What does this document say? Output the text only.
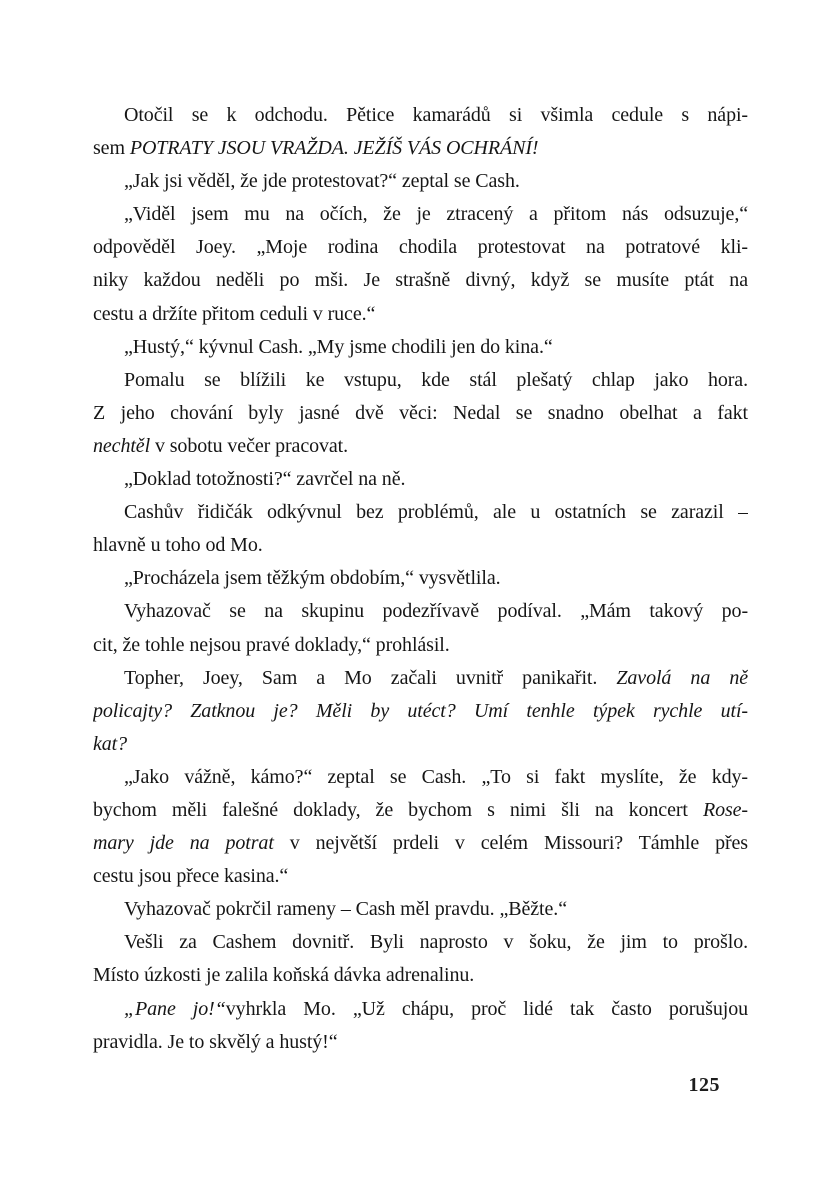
Otočil se k odchodu. Pětice kamarádů si všimla cedule s nápi-
sem POTRATY JSOU VRAŽDA. JEŽÍŠ VÁS OCHRÁNÍ!

„Jak jsi věděl, že jde protestovat?“ zeptal se Cash.

„Viděl jsem mu na očích, že je ztracený a přitom nás odsuzuje,“
odpověděl Joey. „Moje rodina chodila protestovat na potratové kli-
niky každou neděli po mši. Je strašně divný, když se musíte ptát na
cestu a držíte přitom ceduli v ruce.“

„Hustý,“ kývnul Cash. „My jsme chodili jen do kina.“

Pomalu se blížili ke vstupu, kde stál plešatý chlap jako hora.
Z jeho chování byly jasné dvě věci: Nedal se snadno obelhat a fakt
nechtěl v sobotu večer pracovat.

„Doklad totožnosti?“ zavrčel na ně.

Cashův řidičák odkývnul bez problémů, ale u ostatních se zarazil –
hlavně u toho od Mo.

„Procházela jsem těžkým obdobím,“ vysvětlila.

Vyhazovač se na skupinu podezřívavě podíval. „Mám takový po-
cit, že tohle nejsou pravé doklady,“ prohlásil.

Topher, Joey, Sam a Mo začali uvnitř panikařit. Zavolá na ně
policajty? Zatknou je? Měli by utéct? Umí tenhle týpek rychle utí-
kat?

„Jako vážně, kámo?“ zeptal se Cash. „To si fakt myslíte, že kdy-
bychom měli falešné doklady, že bychom s nimi šli na koncert Rose-
mary jde na potrat v největší prdeli v celém Missouri? Támhle přes
cestu jsou přece kasina.“

Vyhazovač pokrčil rameny – Cash měl pravdu. „Běžte.“

Vešli za Cashem dovnitř. Byli naprosto v šoku, že jim to prošlo.
Místo úzkosti je zalila koňská dávka adrenalinu.

„Pane jo!“vyhrkla Mo. „Už chápu, proč lidé tak často porušujou
pravidla. Je to skvělý a hustý!“

125
